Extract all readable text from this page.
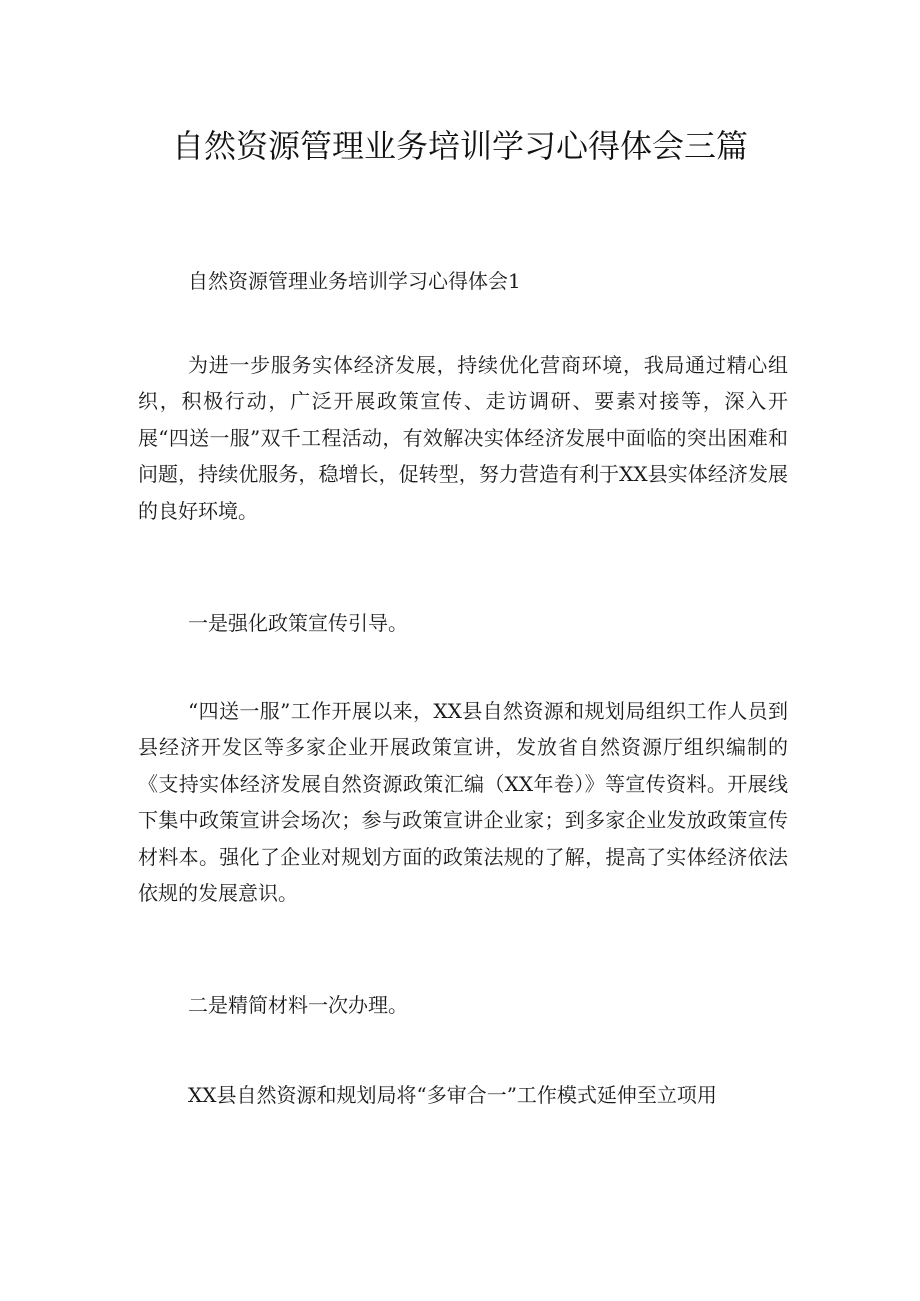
自然资源管理业务培训学习心得体会三篇
自然资源管理业务培训学习心得体会1
为进一步服务实体经济发展，持续优化营商环境，我局通过精心组织，积极行动，广泛开展政策宣传、走访调研、要素对接等，深入开展“四送一服”双千工程活动，有效解决实体经济发展中面临的突出困难和问题，持续优服务，稳增长，促转型，努力营造有利于XX县实体经济发展的良好环境。
一是强化政策宣传引导。
“四送一服”工作开展以来，XX县自然资源和规划局组织工作人员到县经济开发区等多家企业开展政策宣讲，发放省自然资源厅组织编制的《支持实体经济发展自然资源政策汇编（XX年卷）》等宣传资料。开展线下集中政策宣讲会场次；参与政策宣讲企业家；到多家企业发放政策宣传材料本。强化了企业对规划方面的政策法规的了解，提高了实体经济依法依规的发展意识。
二是精简材料一次办理。
XX县自然资源和规划局将“多审合一”工作模式延伸至立项用
